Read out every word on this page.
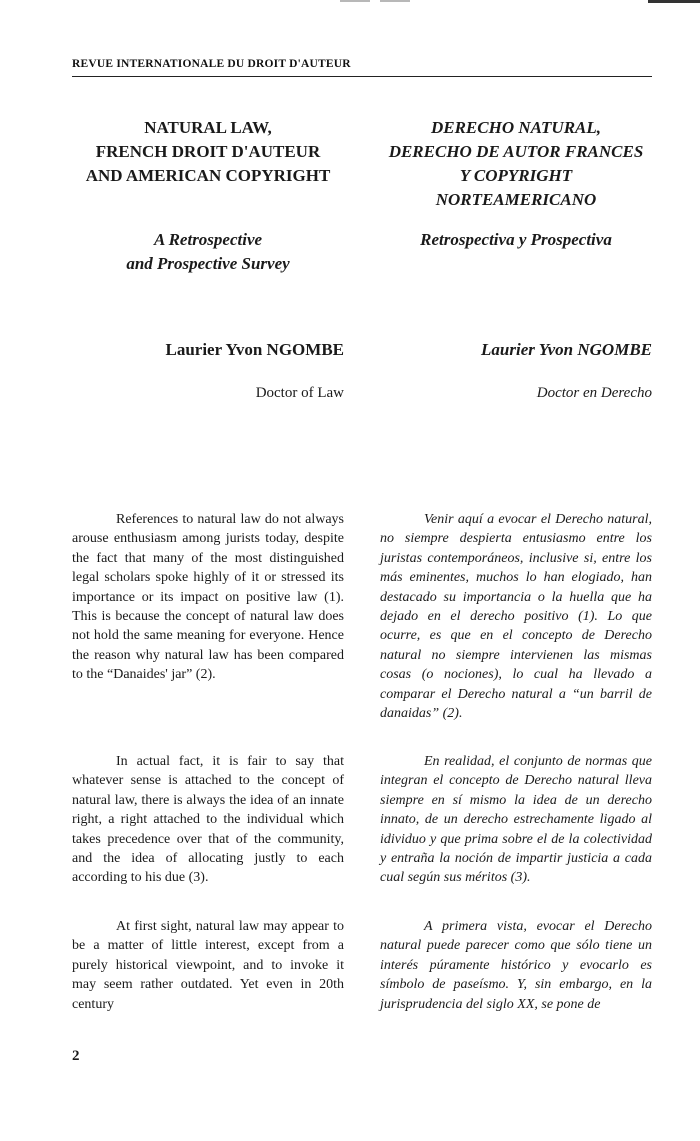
REVUE INTERNATIONALE DU DROIT D'AUTEUR
NATURAL LAW,
FRENCH DROIT D'AUTEUR
AND AMERICAN COPYRIGHT
A Retrospective
and Prospective Survey
Laurier Yvon NGOMBE
Doctor of Law

References to natural law do not always arouse enthusiasm among jurists today, despite the fact that many of the most distinguished legal scholars spoke highly of it or stressed its importance or its impact on positive law (1). This is because the concept of natural law does not hold the same meaning for everyone. Hence the reason why natural law has been compared to the “Danaides' jar” (2).

In actual fact, it is fair to say that whatever sense is attached to the concept of natural law, there is always the idea of an innate right, a right attached to the individual which takes precedence over that of the community, and the idea of allocating justly to each according to his due (3).

At first sight, natural law may appear to be a matter of little interest, except from a purely historical viewpoint, and to invoke it may seem rather outdated. Yet even in 20th century

DERECHO NATURAL,
DERECHO DE AUTOR FRANCES
Y COPYRIGHT
NORTEAMERICANO
Retrospectiva y Prospectiva
Laurier Yvon NGOMBE
Doctor en Derecho

Venir aquí a evocar el Derecho natural, no siempre despierta entusiasmo entre los juristas contemporáneos, inclusive si, entre los más eminentes, muchos lo han elogiado, han destacado su importancia o la huella que ha dejado en el derecho positivo (1). Lo que ocurre, es que en el concepto de Derecho natural no siempre intervienen las mismas cosas (o nociones), lo cual ha llevado a comparar el Derecho natural a “un barril de danaidas” (2).

En realidad, el conjunto de normas que integran el concepto de Derecho natural lleva siempre en sí mismo la idea de un derecho innato, de un derecho estrechamente ligado al idividuo y que prima sobre el de la colectividad y entraña la noción de impartir justicia a cada cual según sus méritos (3).

A primera vista, evocar el Derecho natural puede parecer como que sólo tiene un interés púramente histórico y evocarlo es símbolo de paseísmo. Y, sin embargo, en la jurisprudencia del siglo XX, se pone de

2
